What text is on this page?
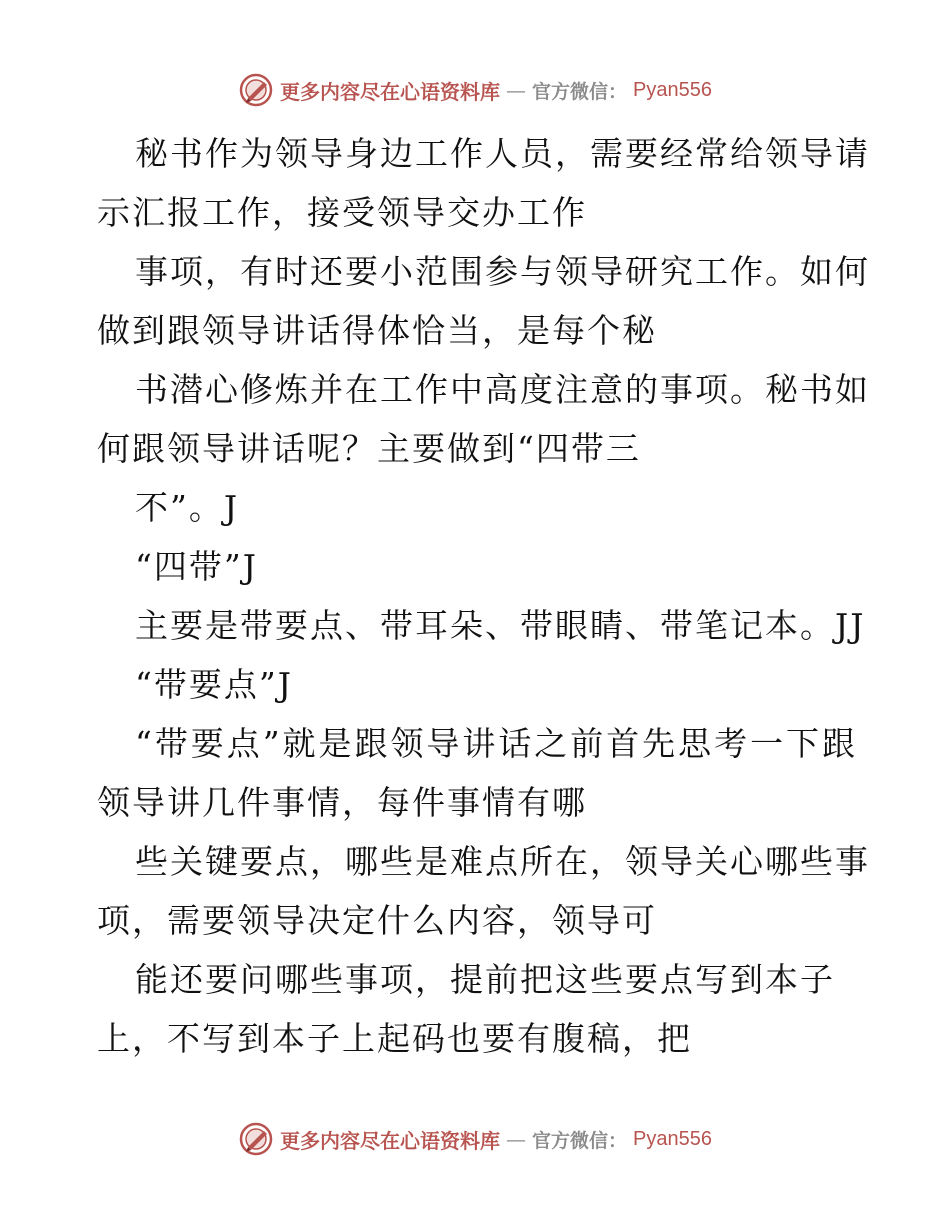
更多内容尽在心语资料库 — 官方微信： Pyan556
秘书作为领导身边工作人员，需要经常给领导请
示汇报工作，接受领导交办工作
事项，有时还要小范围参与领导研究工作。如何
做到跟领导讲话得体恰当，是每个秘
书潜心修炼并在工作中高度注意的事项。秘书如
何跟领导讲话呢？主要做到“四带三
不”。J
“四带”J
主要是带要点、带耳朵、带眼睛、带笔记本。JJ
“带要点”J
“带要点”就是跟领导讲话之前首先思考一下跟
领导讲几件事情，每件事情有哪
些关键要点，哪些是难点所在，领导关心哪些事
项，需要领导决定什么内容，领导可
能还要问哪些事项，提前把这些要点写到本子
上，不写到本子上起码也要有腹稿，把
更多内容尽在心语资料库 — 官方微信： Pyan556
